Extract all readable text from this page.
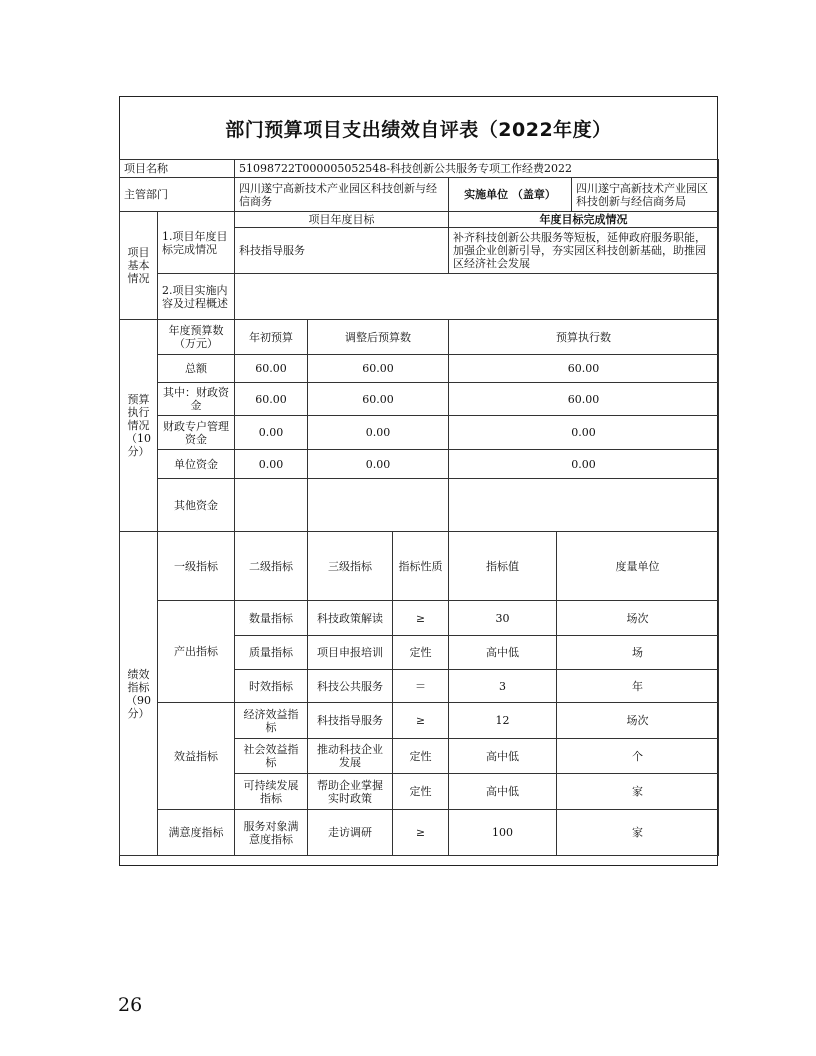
部门预算项目支出绩效自评表（2022年度）
项目名称		51098722T000005052548-科技创新公共服务专项工作经费2022					
主管部门		四川遂宁高新技术产业园区科技创新与经信商务			实施单位 （盖章）		四川遂宁高新技术产业园区科技创新与经信商务局
项目基本情况	1.项目年度目标完成情况	项目年度目标			年度目标完成情况		
		科技指导服务			补齐科技创新公共服务等短板，延伸政府服务职能，加强企业创新引导，夯实园区科技创新基础，助推园区经济社会发展		
	2.项目实施内容及过程概述						
预算执行情况（10分）	年度预算数（万元）	年初预算	调整后预算数		预算执行数		
	总额	60.00	60.00		60.00		
	其中：财政资金	60.00	60.00		60.00		
	财政专户管理资金	0.00	0.00		0.00		
	单位资金	0.00	0.00		0.00		
	其他资金						
绩效指标（90分）	一级指标	二级指标	三级指标	指标性质	指标值	度量单位	
	产出指标	数量指标	科技政策解读	≥	30	场次	
		质量指标	项目申报培训	定性	高中低	场	
		时效指标	科技公共服务	＝	3	年	
	效益指标	经济效益指标	科技指导服务	≥	12	场次	
		社会效益指标	推动科技企业发展	定性	高中低	个	
		可持续发展指标	帮助企业掌握实时政策	定性	高中低	家	
	满意度指标	服务对象满意度指标	走访调研	≥	100	家	
26
